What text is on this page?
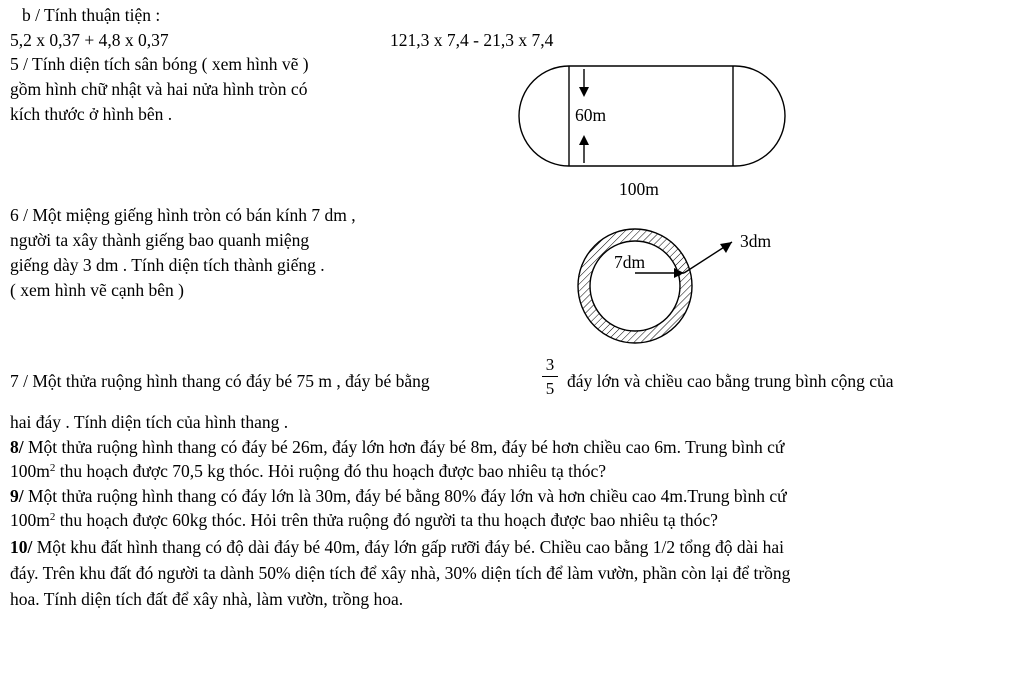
b / Tính thuận tiện :
5,2 x 0,37 + 4,8 x 0,37	121,3 x 7,4 - 21,3 x 7,4
5 / Tính diện tích sân bóng ( xem hình vẽ )
gồm hình chữ nhật và hai nửa hình tròn có
kích thước ở hình bên .	60m
100m
6 / Một miệng giếng hình tròn có bán kính 7 dm ,
người ta xây thành giếng bao quanh miệng
giếng dày 3 dm . Tính diện tích thành giếng .
( xem hình vẽ cạnh bên )
7dm
3dm
7 / Một thửa ruộng hình thang có đáy bé 75 m , đáy bé bằng
3
5 đáy lớn và chiều cao bằng trung bình cộng của
hai đáy . Tính diện tích của hình thang .
8/ Một thửa ruộng hình thang có đáy bé 26m, đáy lớn hơn đáy bé 8m, đáy bé hơn chiều cao 6m. Trung bình cứ
$100m^2$ thu hoạch được 70,5 kg thóc. Hỏi ruộng đó thu hoạch được bao nhiêu tạ thóc?
9/ Một thửa ruộng hình thang có đáy lớn là 30m, đáy bé bằng 80% đáy lớn và hơn chiều cao 4m.Trung bình cứ
$100m^2$ thu hoạch được 60kg thóc. Hỏi trên thửa ruộng đó người ta thu hoạch được bao nhiêu tạ thóc?
10/ Một khu đất hình thang có độ dài đáy bé 40m, đáy lớn gấp rưỡi đáy bé. Chiều cao bằng 1/2 tổng độ dài hai
đáy. Trên khu đất đó người ta dành 50% diện tích để xây nhà, 30% diện tích để làm vườn, phần còn lại để trồng
hoa. Tính diện tích đất để xây nhà, làm vườn, trồng hoa.
